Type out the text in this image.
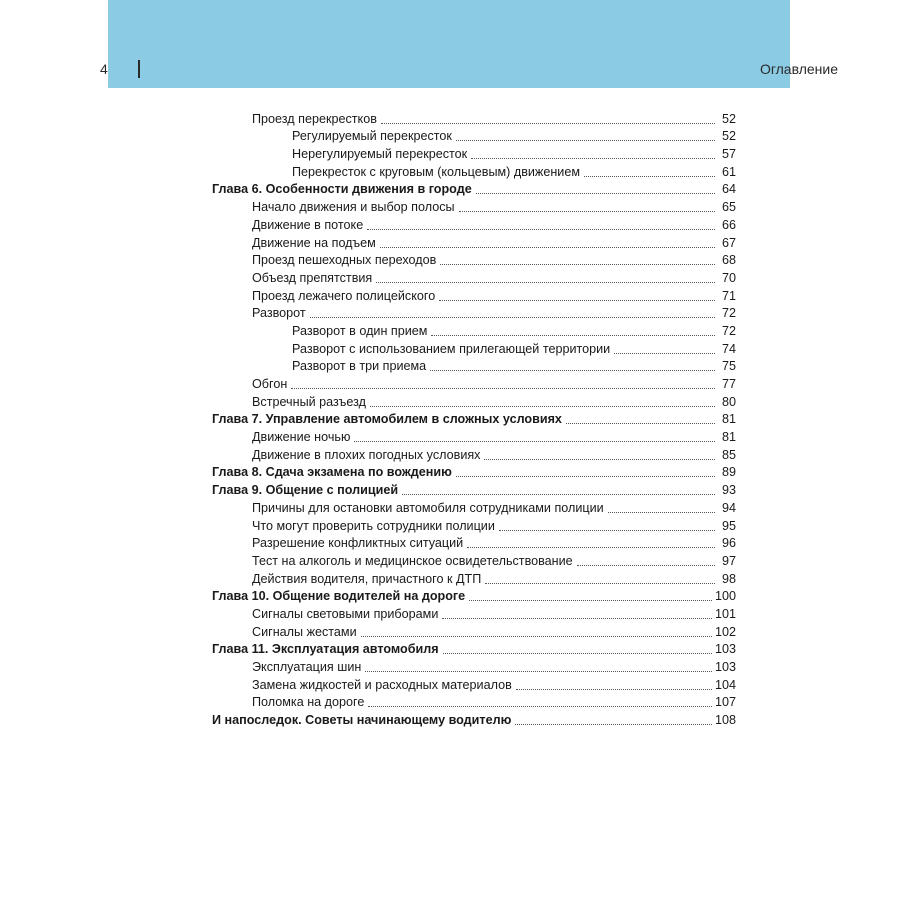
4	Оглавление
Проезд перекрестков	52
Регулируемый перекресток	52
Нерегулируемый перекресток	57
Перекресток с круговым (кольцевым) движением	61
Глава 6. Особенности движения в городе	64
Начало движения и выбор полосы	65
Движение в потоке	66
Движение на подъем	67
Проезд пешеходных переходов	68
Объезд препятствия	70
Проезд лежачего полицейского	71
Разворот	72
Разворот в один прием	72
Разворот с использованием прилегающей территории	74
Разворот в три приема	75
Обгон	77
Встречный разъезд	80
Глава 7. Управление автомобилем в сложных условиях	81
Движение ночью	81
Движение в плохих погодных условиях	85
Глава 8. Сдача экзамена по вождению	89
Глава 9. Общение с полицией	93
Причины для остановки автомобиля сотрудниками полиции	94
Что могут проверить сотрудники полиции	95
Разрешение конфликтных ситуаций	96
Тест на алкоголь и медицинское освидетельствование	97
Действия водителя, причастного к ДТП	98
Глава 10. Общение водителей на дороге	100
Сигналы световыми приборами	101
Сигналы жестами	102
Глава 11. Эксплуатация автомобиля	103
Эксплуатация шин	103
Замена жидкостей и расходных материалов	104
Поломка на дороге	107
И напоследок. Советы начинающему водителю	108
